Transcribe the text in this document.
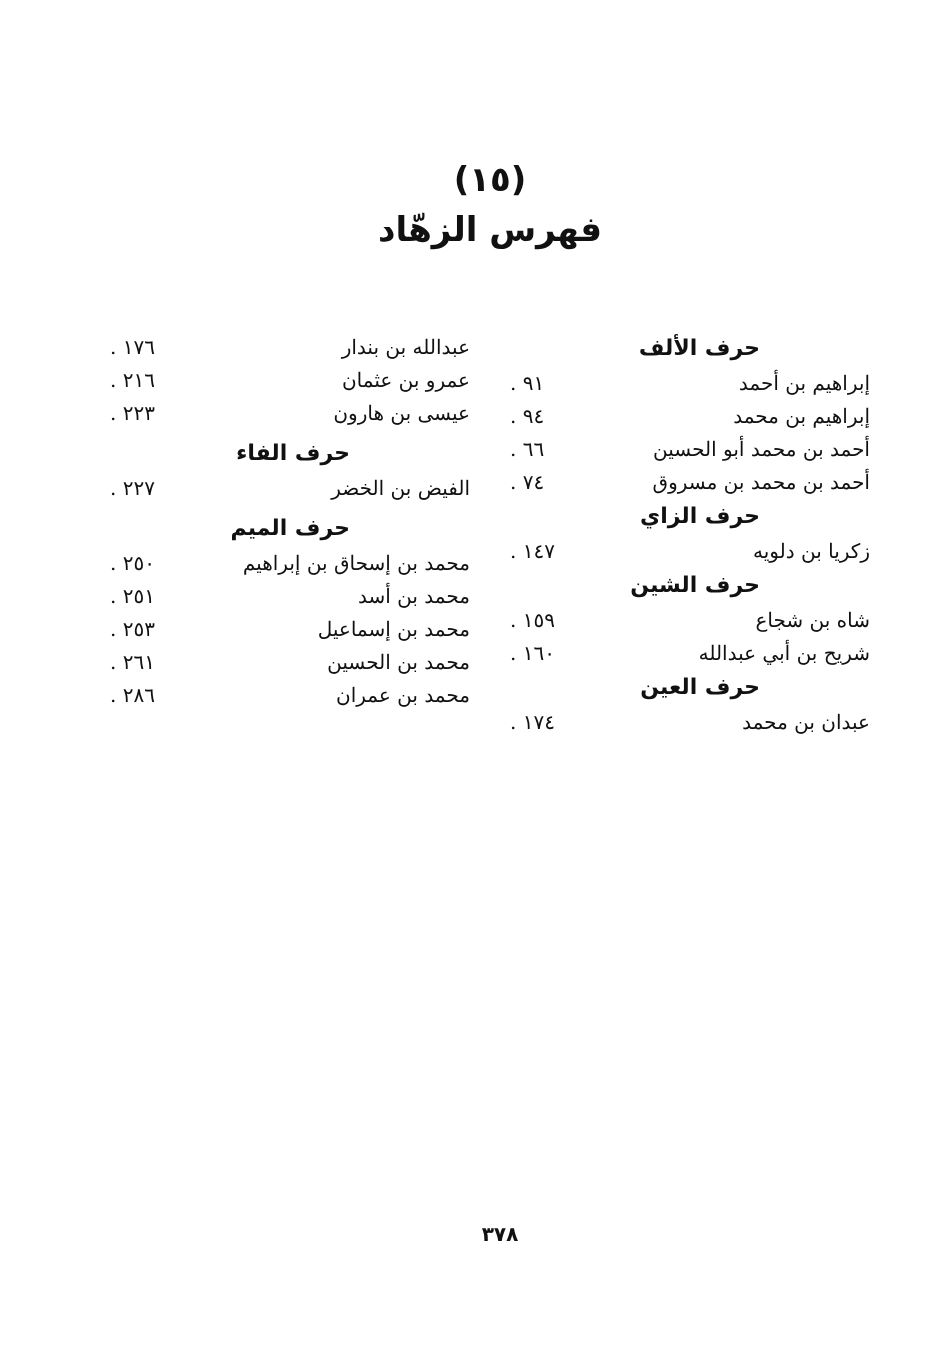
(١٥)
فهرس الزهّاد
حرف الألف
إبراهيم بن أحمد
٩١ .
إبراهيم بن محمد
٩٤ .
أحمد بن محمد أبو الحسين
٦٦ .
أحمد بن محمد بن مسروق
٧٤ .
حرف الزاي
زكريا بن دلويه
١٤٧ .
حرف الشين
شاه بن شجاع
١٥٩ .
شريح بن أبي عبدالله
١٦٠ .
حرف العين
عبدان بن محمد
١٧٤ .
عبدالله بن بندار
١٧٦ .
عمرو بن عثمان
٢١٦ .
عيسى بن هارون
٢٢٣ .
حرف الفاء
الفيض بن الخضر
٢٢٧ .
حرف الميم
محمد بن إسحاق بن إبراهيم
٢٥٠ .
محمد بن أسد
٢٥١ .
محمد بن إسماعيل
٢٥٣ .
محمد بن الحسين
٢٦١ .
محمد بن عمران
٢٨٦ .
٣٧٨
